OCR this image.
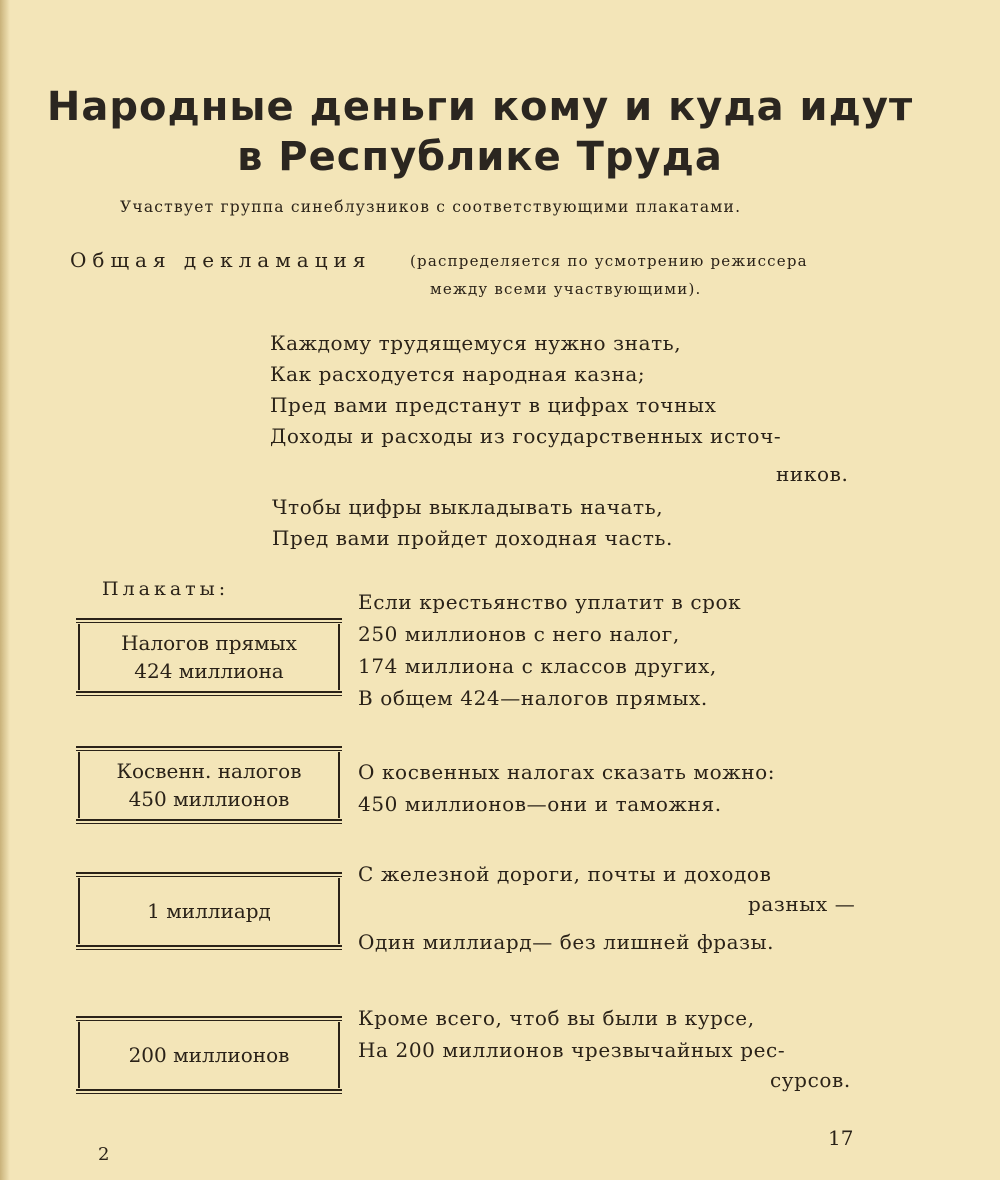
Народные деньги кому и куда идут
в Республике Труда
Участвует группа синеблузников с соответствующими плакатами.
Общая декламация	(распределяется по усмотрению режиссера
между всеми участвующими).
Каждому трудящемуся нужно знать,
Как расходуется народная казна;
Пред вами предстанут в цифрах точных
Доходы и расходы из государственных источ-
ников.
Чтобы цифры выкладывать начать,
Пред вами пройдет доходная часть.
Плакаты:
Налогов прямых
424 миллиона
Косвенн. налогов
450 миллионов
1 миллиард
200 миллионов
Если крестьянство уплатит в срок
250 миллионов с него налог,
174 миллиона с классов других,
В общем 424—налогов прямых.
О косвенных налогах сказать можно:
450 миллионов—они и таможня.
С железной дороги, почты и доходов
разных —
Один миллиард— без лишней фразы.
Кроме всего, чтоб вы были в курсе,
На 200 миллионов чрезвычайных рес-
сурсов.
2
17
